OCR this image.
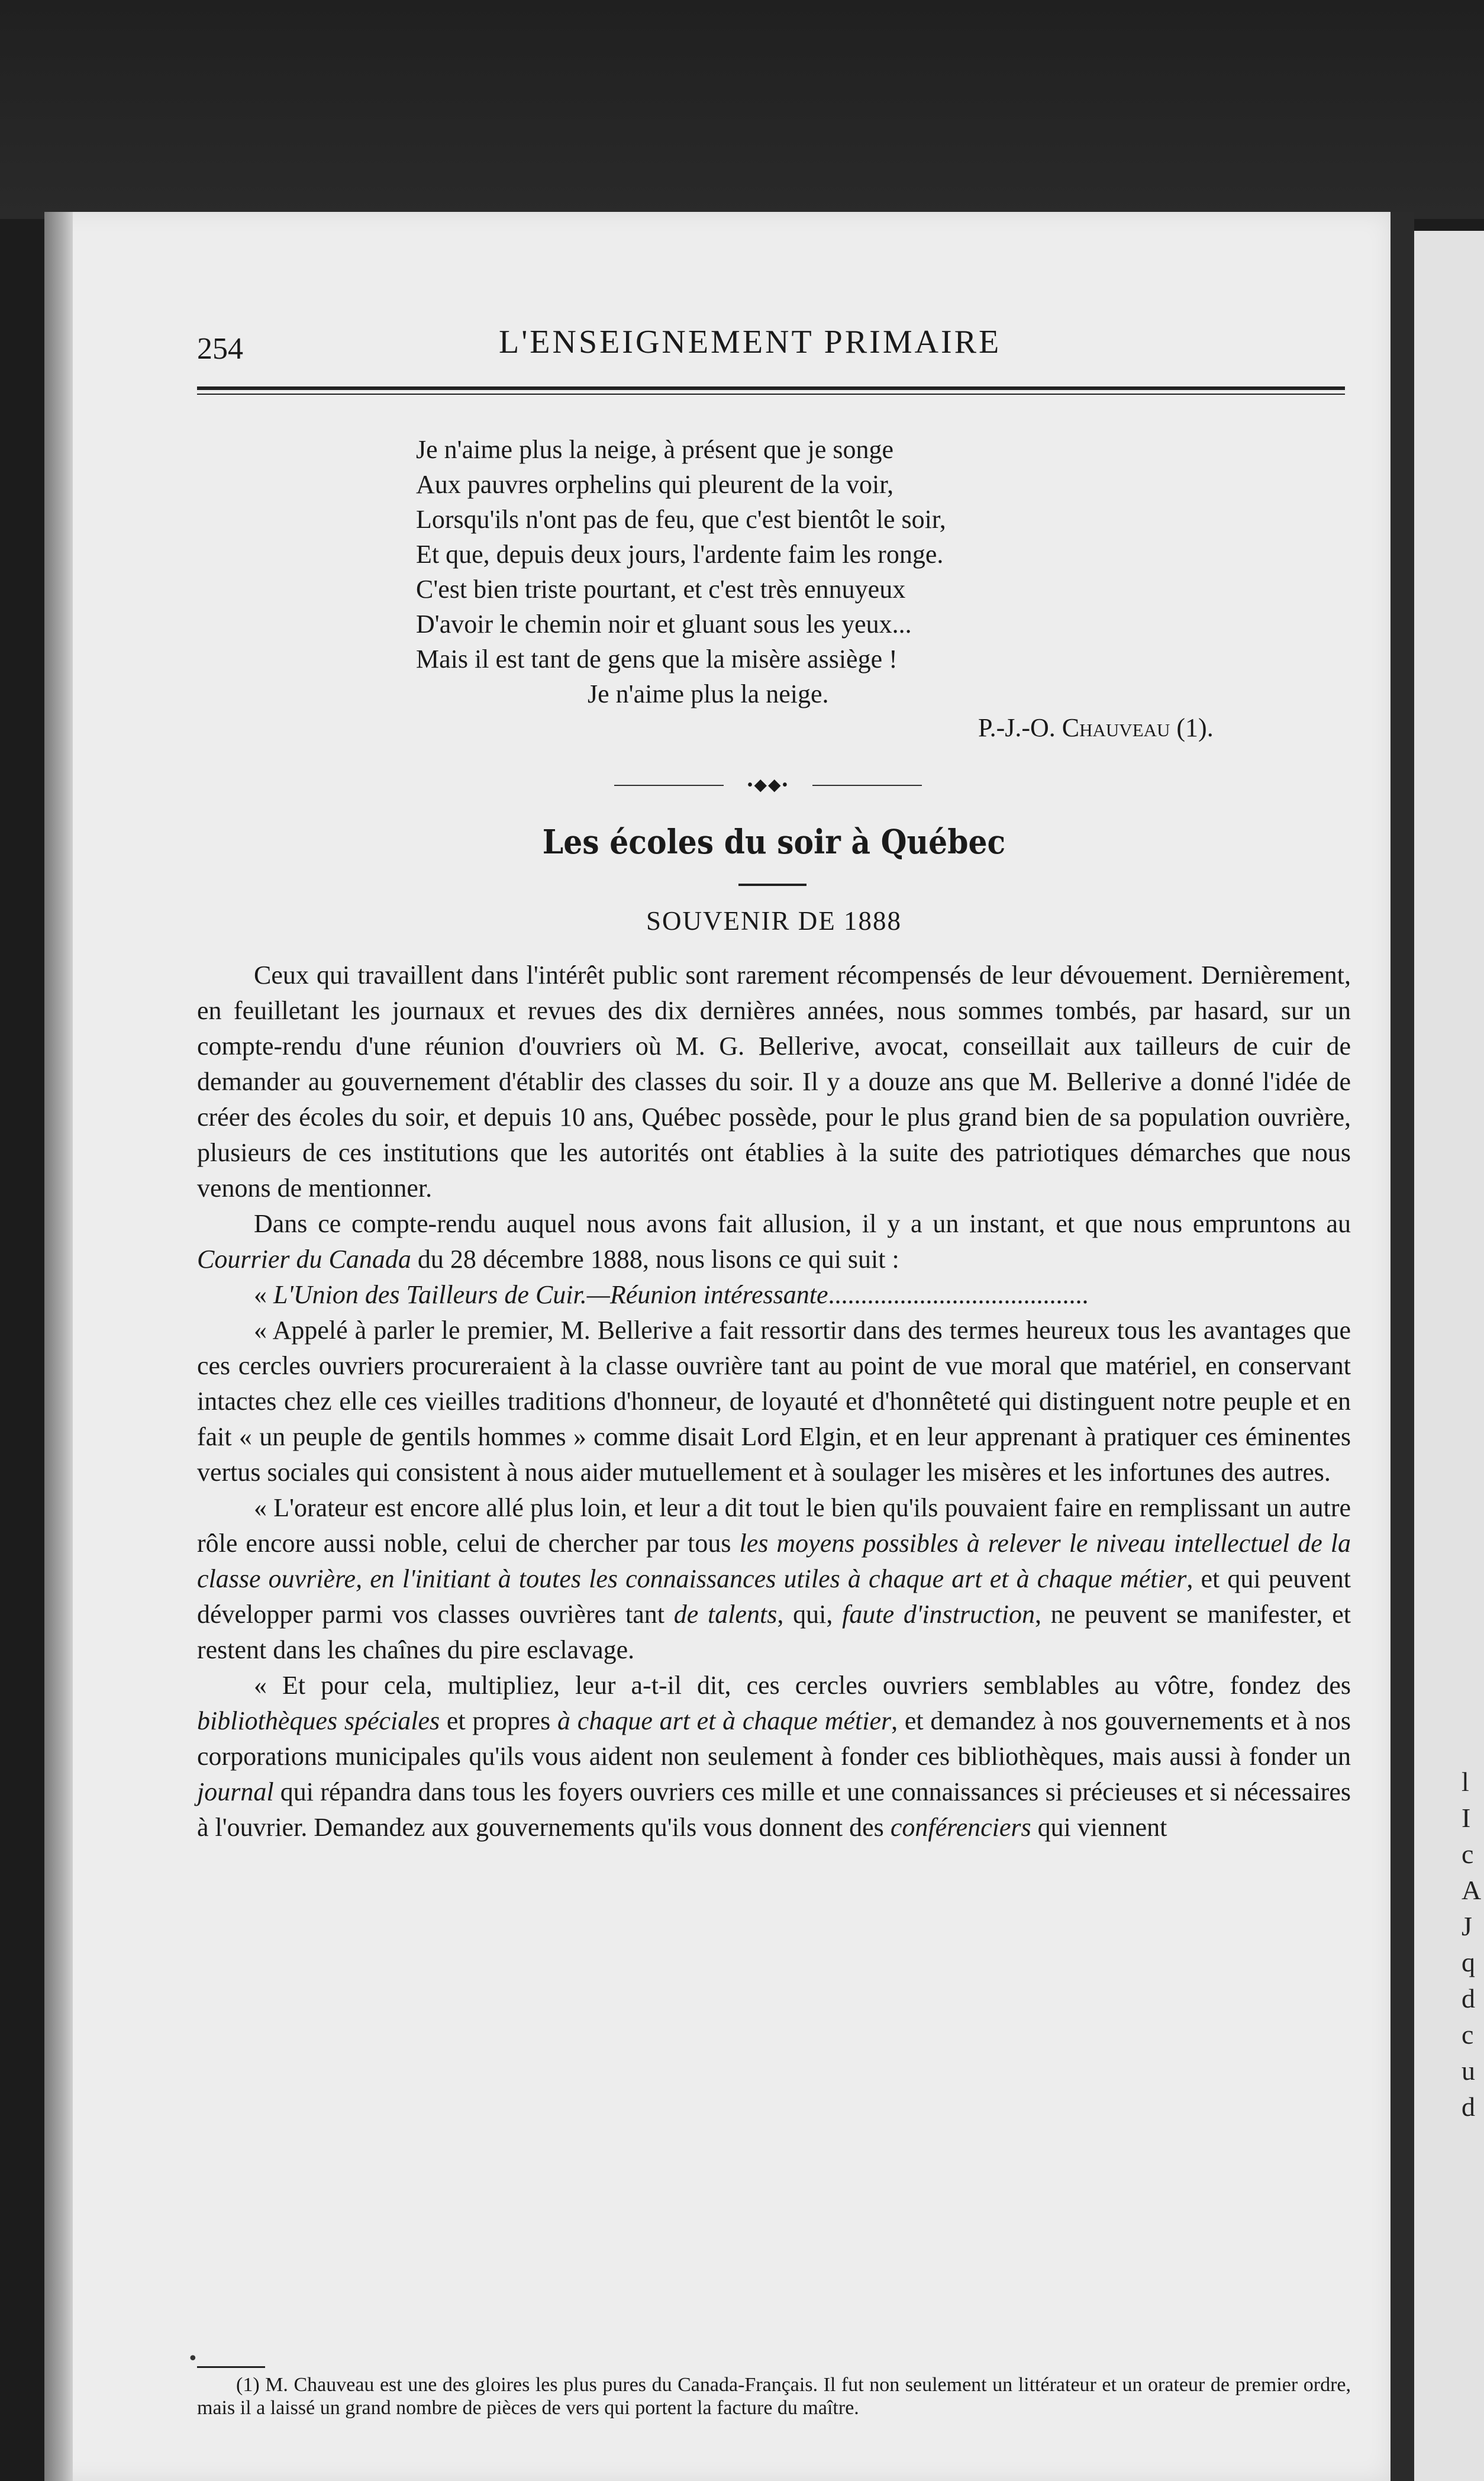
l
I
c
A
J
q
d
c
u
d
254	L'ENSEIGNEMENT PRIMAIRE
Je n'aime plus la neige, à présent que je songe
Aux pauvres orphelins qui pleurent de la voir,
Lorsqu'ils n'ont pas de feu, que c'est bientôt le soir,
Et que, depuis deux jours, l'ardente faim les ronge.
C'est bien triste pourtant, et c'est très ennuyeux
D'avoir le chemin noir et gluant sous les yeux...
Mais il est tant de gens que la misère assiège !
Je n'aime plus la neige.
P.-J.-O. Chauveau (1).
•◆◆•
Les écoles du soir à Québec
SOUVENIR DE 1888

Ceux qui travaillent dans l'intérêt public sont rarement récompensés de leur dévouement. Dernièrement, en feuilletant les journaux et revues des dix dernières années, nous sommes tombés, par hasard, sur un compte-rendu d'une réunion d'ouvriers où M. G. Bellerive, avocat, conseillait aux tailleurs de cuir de demander au gouvernement d'établir des classes du soir. Il y a douze ans que M. Bellerive a donné l'idée de créer des écoles du soir, et depuis 10 ans, Québec possède, pour le plus grand bien de sa population ouvrière, plusieurs de ces institutions que les autorités ont établies à la suite des patriotiques démarches que nous venons de mentionner.

Dans ce compte-rendu auquel nous avons fait allusion, il y a un instant, et que nous empruntons au Courrier du Canada du 28 décembre 1888, nous lisons ce qui suit :

« L'Union des Tailleurs de Cuir.—Réunion intéressante........................................

« Appelé à parler le premier, M. Bellerive a fait ressortir dans des termes heureux tous les avantages que ces cercles ouvriers procureraient à la classe ouvrière tant au point de vue moral que matériel, en conservant intactes chez elle ces vieilles traditions d'honneur, de loyauté et d'honnêteté qui distinguent notre peuple et en fait « un peuple de gentils hommes » comme disait Lord Elgin, et en leur apprenant à pratiquer ces éminentes vertus sociales qui consistent à nous aider mutuellement et à soulager les misères et les infortunes des autres.

« L'orateur est encore allé plus loin, et leur a dit tout le bien qu'ils pouvaient faire en remplissant un autre rôle encore aussi noble, celui de chercher par tous les moyens possibles à relever le niveau intellectuel de la classe ouvrière, en l'initiant à toutes les connaissances utiles à chaque art et à chaque métier, et qui peuvent développer parmi vos classes ouvrières tant de talents, qui, faute d'instruction, ne peuvent se manifester, et restent dans les chaînes du pire esclavage.

« Et pour cela, multipliez, leur a-t-il dit, ces cercles ouvriers semblables au vôtre, fondez des bibliothèques spéciales et propres à chaque art et à chaque métier, et demandez à nos gouvernements et à nos corporations municipales qu'ils vous aident non seulement à fonder ces bibliothèques, mais aussi à fonder un journal qui répandra dans tous les foyers ouvriers ces mille et une connaissances si précieuses et si nécessaires à l'ouvrier. Demandez aux gouvernements qu'ils vous donnent des conférenciers qui viennent

(1) M. Chauveau est une des gloires les plus pures du Canada-Français. Il fut non seulement un littérateur et un orateur de premier ordre, mais il a laissé un grand nombre de pièces de vers qui portent la facture du maître.
•
